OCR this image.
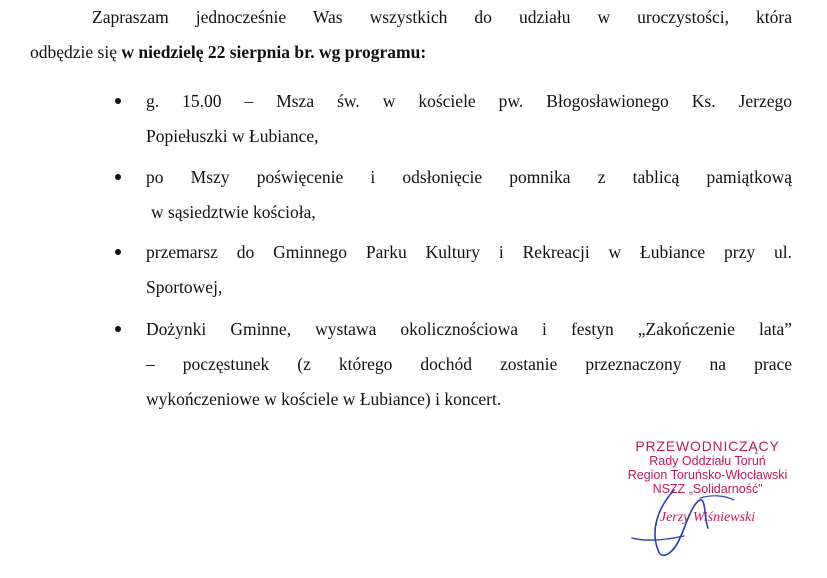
Zapraszam jednocześnie Was wszystkich do udziału w uroczystości, która
odbędzie się w niedzielę 22 sierpnia br. wg programu:
g. 15.00 – Msza św. w kościele pw. Błogosławionego Ks. Jerzego
Popiełuszki w Łubiance,
po Mszy poświęcenie i odsłonięcie pomnika z tablicą pamiątkową
w sąsiedztwie kościoła,
przemarsz do Gminnego Parku Kultury i Rekreacji w Łubiance przy ul.
Sportowej,
Dożynki Gminne, wystawa okolicznościowa i festyn „Zakończenie lata”
– poczęstunek (z którego dochód zostanie przeznaczony na prace
wykończeniowe w kościele w Łubiance) i koncert.
PRZEWODNICZĄCY
Rady Oddziału Toruń
Region Toruńsko-Włocławski
NSZZ „Solidarność”
Jerzy Wiśniewski
